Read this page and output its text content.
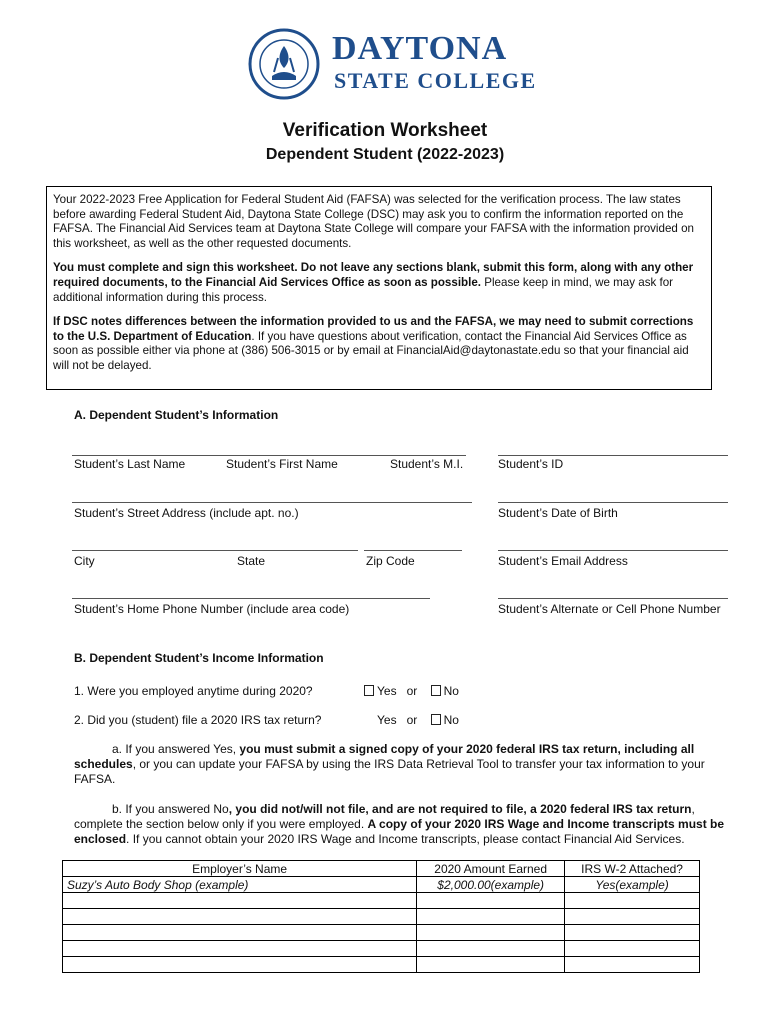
DAYTONA
STATE COLLEGE
Verification Worksheet
Dependent Student (2022-2023)

Your 2022-2023 Free Application for Federal Student Aid (FAFSA) was selected for the verification process. The law states before awarding Federal Student Aid, Daytona State College (DSC) may ask you to confirm the information reported on the FAFSA. The Financial Aid Services team at Daytona State College will compare your FAFSA with the information provided on this worksheet, as well as the other requested documents.

You must complete and sign this worksheet. Do not leave any sections blank, submit this form, along with any other required documents, to the Financial Aid Services Office as soon as possible. Please keep in mind, we may ask for additional information during this process.

If DSC notes differences between the information provided to us and the FAFSA, we may need to submit corrections to the U.S. Department of Education. If you have questions about verification, contact the Financial Aid Services Office as soon as possible either via phone at (386) 506-3015 or by email at FinancialAid@daytonastate.edu so that your financial aid will not be delayed.

A. Dependent Student’s Information
Student’s Last Name	Student’s First Name	Student’s M.I.	Student’s ID
Student’s Street Address (include apt. no.)	Student’s Date of Birth
City	State	Zip Code	Student’s Email Address
Student’s Home Phone Number (include area code)	Student’s Alternate or Cell Phone Number
B. Dependent Student’s Income Information
1. Were you employed anytime during 2020?	Yes or No
2. Did you (student) file a 2020 IRS tax return?	Yes or No
a. If you answered Yes, you must submit a signed copy of your 2020 federal IRS tax return, including all schedules, or you can update your FAFSA by using the IRS Data Retrieval Tool to transfer your tax information to your FAFSA.
b. If you answered No, you did not/will not file, and are not required to file, a 2020 federal IRS tax return, complete the section below only if you were employed. A copy of your 2020 IRS Wage and Income transcripts must be enclosed. If you cannot obtain your 2020 IRS Wage and Income transcripts, please contact Financial Aid Services.
Employer’s Name	2020 Amount Earned	IRS W-2 Attached?
Suzy’s Auto Body Shop (example)	$2,000.00(example)	Yes(example)
